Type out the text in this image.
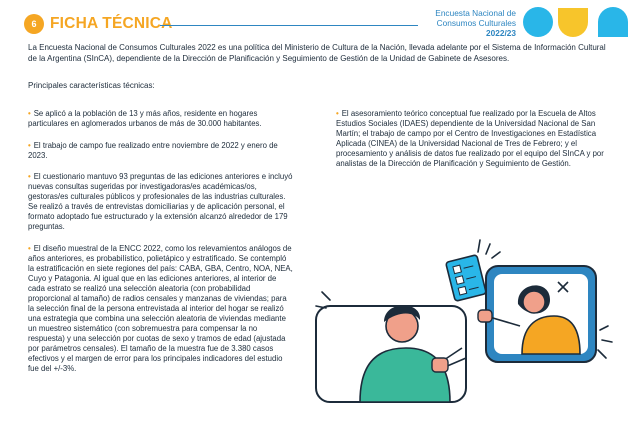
6 FICHA TÉCNICA
Encuesta Nacional de
Consumos Culturales
2022/23

La Encuesta Nacional de Consumos Culturales 2022 es una política del Ministerio de Cultura de la Nación, llevada adelante por el Sistema de Información Cultural de la Argentina (SInCA), dependiente de la Dirección de Planificación y Seguimiento de Gestión de la Unidad de Gabinete de Asesores.

Principales características técnicas:

• Se aplicó a la población de 13 y más años, residente en hogares particulares en aglomerados urbanos de más de 30.000 habitantes.

• El trabajo de campo fue realizado entre noviembre de 2022 y enero de 2023.

• El cuestionario mantuvo 93 preguntas de las ediciones anteriores e incluyó nuevas consultas sugeridas por investigadoras/es académicas/os, gestoras/es culturales públicos y profesionales de las industrias culturales. Se realizó a través de entrevistas domiciliarias y de aplicación personal, el formato adoptado fue estructurado y la extensión alcanzó alrededor de 179 preguntas.

• El diseño muestral de la ENCC 2022, como los relevamientos análogos de años anteriores, es probabilístico, polietápico y estratificado. Se contempló la estratificación en siete regiones del país: CABA, GBA, Centro, NOA, NEA, Cuyo y Patagonia. Al igual que en las ediciones anteriores, al interior de cada estrato se realizó una selección aleatoria (con probabilidad proporcional al tamaño) de radios censales y manzanas de viviendas; para la selección final de la persona entrevistada al interior del hogar se realizó una estrategia que combina una selección aleatoria de viviendas mediante un muestreo sistemático (con sobremuestra para compensar la no respuesta) y una selección por cuotas de sexo y tramos de edad (ajustada por parámetros censales). El tamaño de la muestra fue de 3.380 casos efectivos y el margen de error para los principales indicadores del estudio fue del +/-3%.

• El asesoramiento teórico conceptual fue realizado por la Escuela de Altos Estudios Sociales (IDAES) dependiente de la Universidad Nacional de San Martín; el trabajo de campo por el Centro de Investigaciones en Estadística Aplicada (CINEA) de la Universidad Nacional de Tres de Febrero; y el procesamiento y análisis de datos fue realizado por el equipo del SInCA y por analistas de la Dirección de Planificación y Seguimiento de Gestión.
